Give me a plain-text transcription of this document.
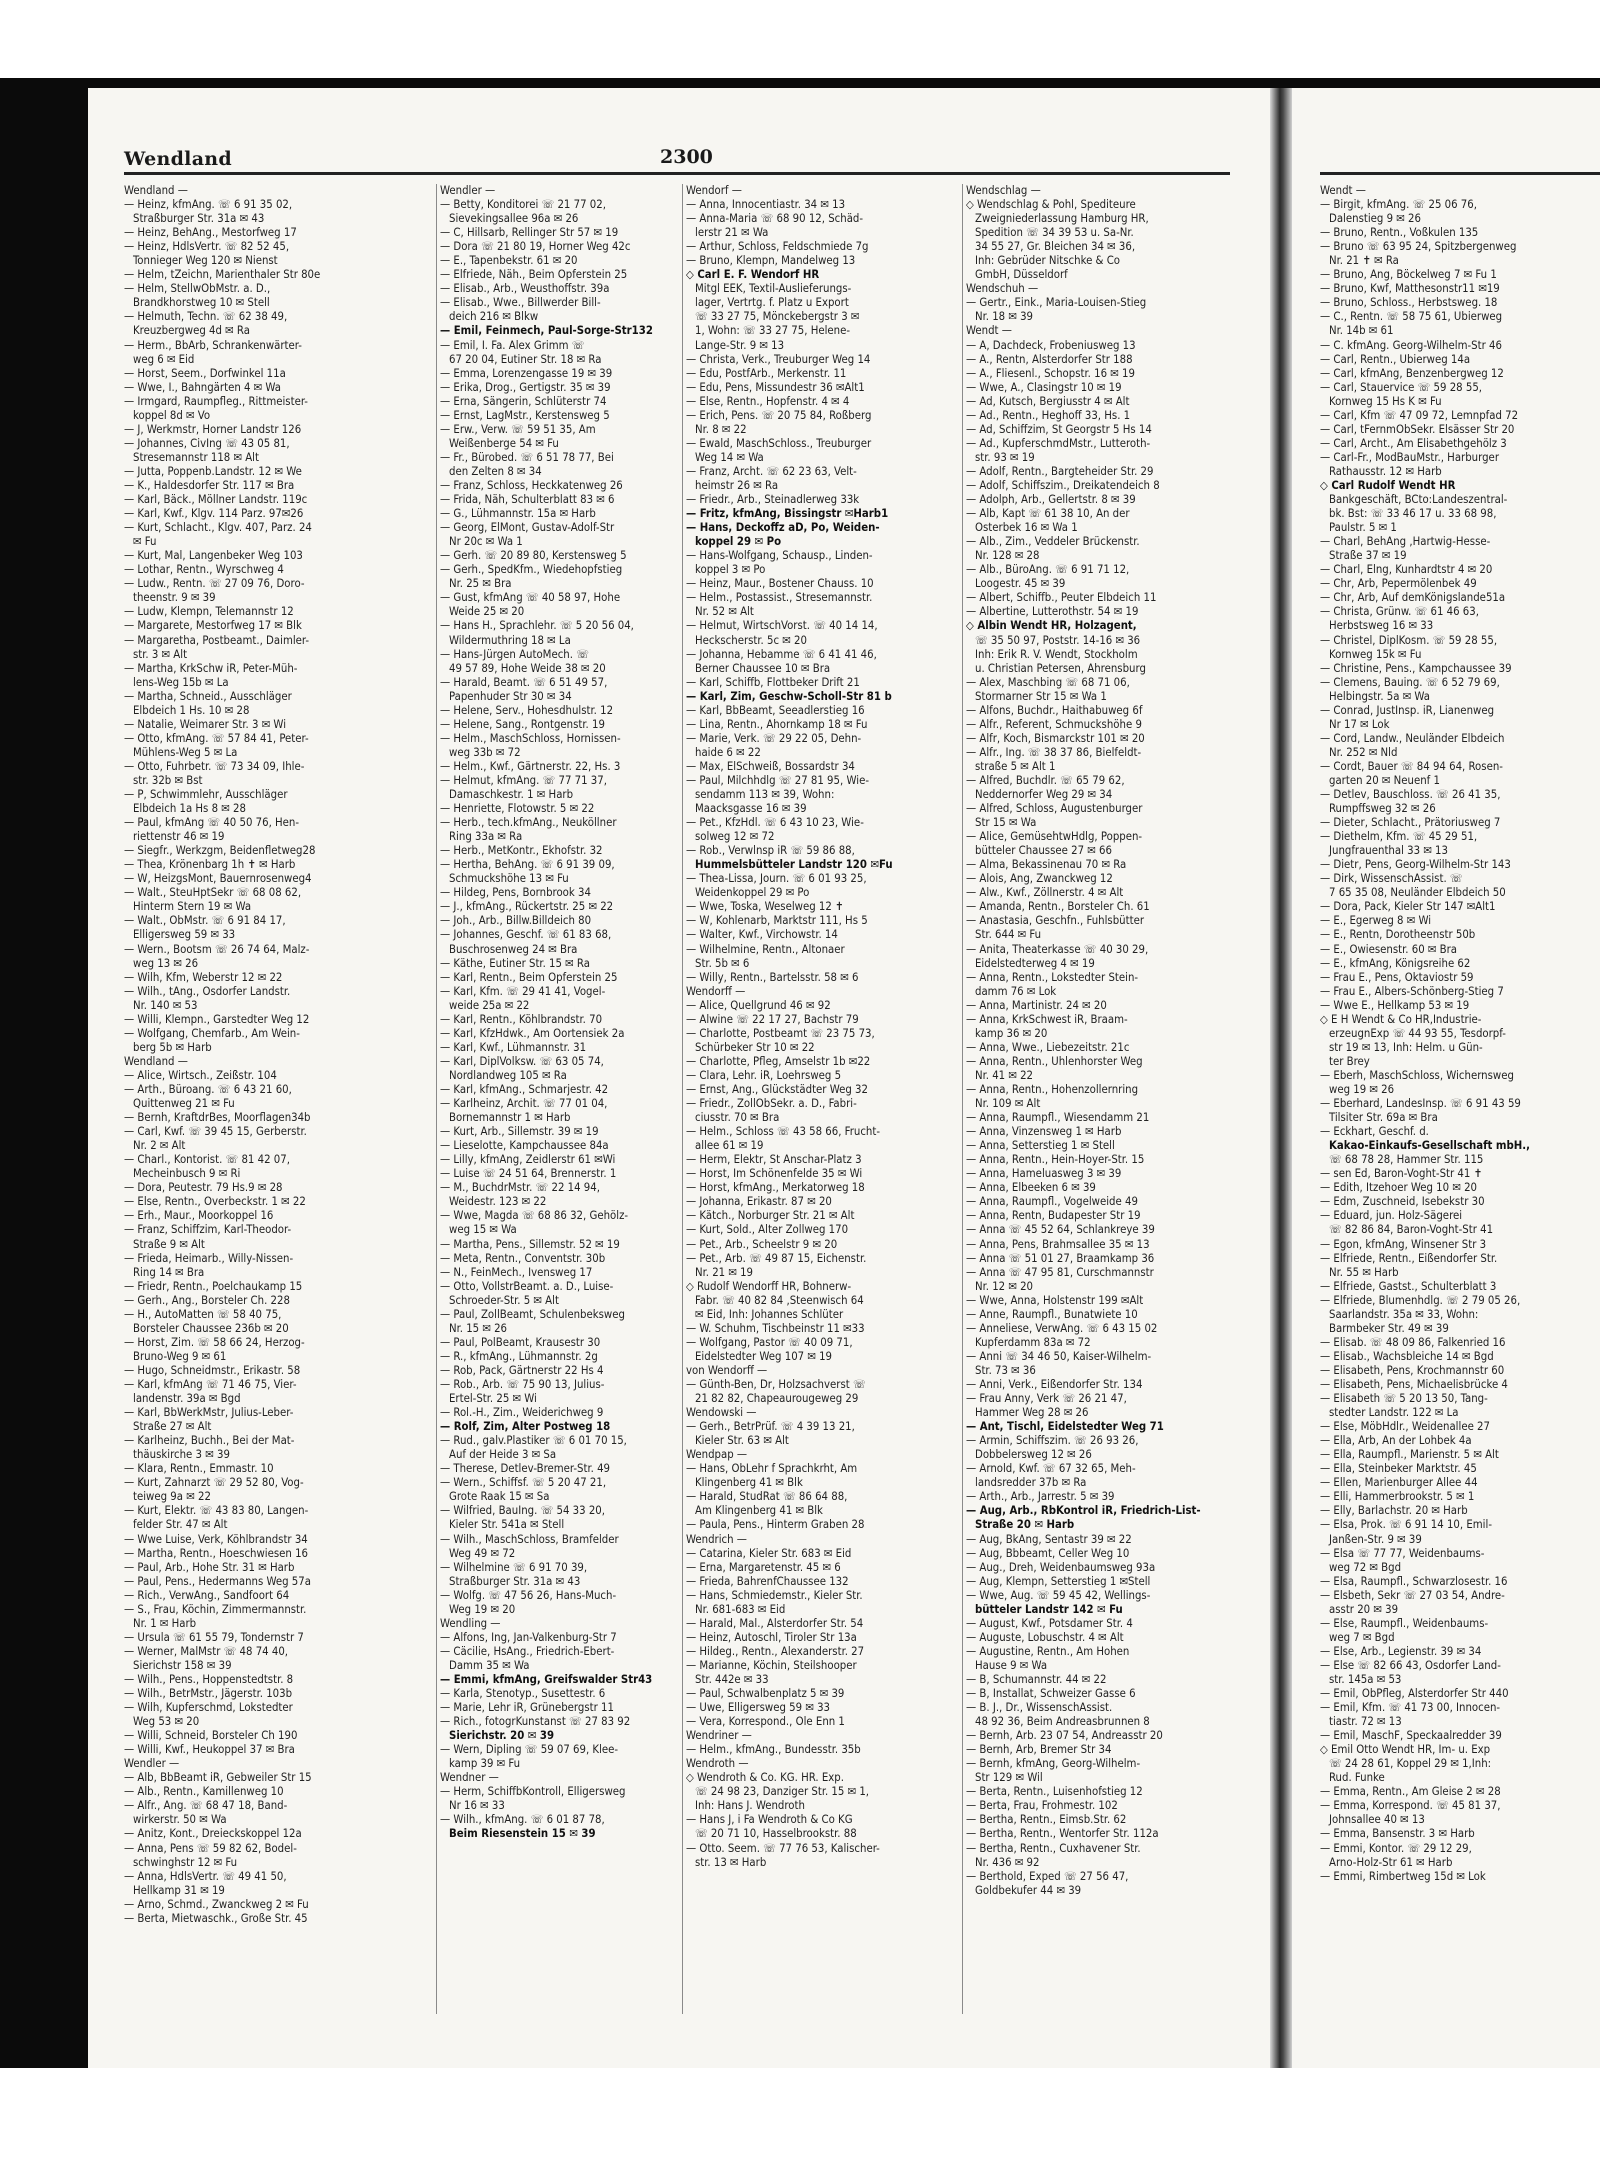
Wendland	2300
Wendland —
— Heinz, kfmAng. ☏ 6 91 35 02,
Straßburger Str. 31a ✉ 43
— Heinz, BehAng., Mestorfweg 17
— Heinz, HdlsVertr. ☏ 82 52 45,
Tonnieger Weg 120 ✉ Nienst
— Helm, tZeichn, Marienthaler Str 80e
— Helm, StellwObMstr. a. D.,
Brandkhorstweg 10 ✉ Stell
— Helmuth, Techn. ☏ 62 38 49,
Kreuzbergweg 4d ✉ Ra
— Herm., BbArb, Schrankenwärter-
weg 6 ✉ Eid
— Horst, Seem., Dorfwinkel 11a
— Wwe, I., Bahngärten 4 ✉ Wa
— Irmgard, Raumpfleg., Rittmeister-
koppel 8d ✉ Vo
— J, Werkmstr, Horner Landstr 126
— Johannes, CivIng ☏ 43 05 81,
Stresemannstr 118 ✉ Alt
— Jutta, Poppenb.Landstr. 12 ✉ We
— K., Haldesdorfer Str. 117 ✉ Bra
— Karl, Bäck., Möllner Landstr. 119c
— Karl, Kwf., Klgv. 114 Parz. 97✉26
— Kurt, Schlacht., Klgv. 407, Parz. 24
✉ Fu
— Kurt, Mal, Langenbeker Weg 103
— Lothar, Rentn., Wyrschweg 4
— Ludw., Rentn. ☏ 27 09 76, Doro-
theenstr. 9 ✉ 39
— Ludw, Klempn, Telemannstr 12
— Margarete, Mestorfweg 17 ✉ Blk
— Margaretha, Postbeamt., Daimler-
str. 3 ✉ Alt
— Martha, KrkSchw iR, Peter-Müh-
lens-Weg 15b ✉ La
— Martha, Schneid., Ausschläger
Elbdeich 1 Hs. 10 ✉ 28
— Natalie, Weimarer Str. 3 ✉ Wi
— Otto, kfmAng. ☏ 57 84 41, Peter-
Mühlens-Weg 5 ✉ La
— Otto, Fuhrbetr. ☏ 73 34 09, Ihle-
str. 32b ✉ Bst
— P, Schwimmlehr, Ausschläger
Elbdeich 1a Hs 8 ✉ 28
— Paul, kfmAng ☏ 40 50 76, Hen-
riettenstr 46 ✉ 19
— Siegfr., Werkzgm, Beidenfletweg28
— Thea, Krönenbarg 1h ✝ ✉ Harb
— W, HeizgsMont, Bauernrosenweg4
— Walt., SteuHptSekr ☏ 68 08 62,
Hinterm Stern 19 ✉ Wa
— Walt., ObMstr. ☏ 6 91 84 17,
Elligersweg 59 ✉ 33
— Wern., Bootsm ☏ 26 74 64, Malz-
weg 13 ✉ 26
— Wilh, Kfm, Weberstr 12 ✉ 22
— Wilh., tAng., Osdorfer Landstr.
Nr. 140 ✉ 53
— Willi, Klempn., Garstedter Weg 12
— Wolfgang, Chemfarb., Am Wein-
berg 5b ✉ Harb
Wendland —
— Alice, Wirtsch., Zeißstr. 104
— Arth., Büroang. ☏ 6 43 21 60,
Quittenweg 21 ✉ Fu
— Bernh, KraftdrBes, Moorflagen34b
— Carl, Kwf. ☏ 39 45 15, Gerberstr.
Nr. 2 ✉ Alt
— Charl., Kontorist. ☏ 81 42 07,
Mecheinbusch 9 ✉ Ri
— Dora, Peutestr. 79 Hs.9 ✉ 28
— Else, Rentn., Overbeckstr. 1 ✉ 22
— Erh., Maur., Moorkoppel 16
— Franz, Schiffzim, Karl-Theodor-
Straße 9 ✉ Alt
— Frieda, Heimarb., Willy-Nissen-
Ring 14 ✉ Bra
— Friedr, Rentn., Poelchaukamp 15
— Gerh., Ang., Borsteler Ch. 228
— H., AutoMatten ☏ 58 40 75,
Borsteler Chaussee 236b ✉ 20
— Horst, Zim. ☏ 58 66 24, Herzog-
Bruno-Weg 9 ✉ 61
— Hugo, Schneidmstr., Erikastr. 58
— Karl, kfmAng ☏ 71 46 75, Vier-
landenstr. 39a ✉ Bgd
— Karl, BbWerkMstr, Julius-Leber-
Straße 27 ✉ Alt
— Karlheinz, Buchh., Bei der Mat-
thäuskirche 3 ✉ 39
— Klara, Rentn., Emmastr. 10
— Kurt, Zahnarzt ☏ 29 52 80, Vog-
teiweg 9a ✉ 22
— Kurt, Elektr. ☏ 43 83 80, Langen-
felder Str. 47 ✉ Alt
— Wwe Luise, Verk, Köhlbrandstr 34
— Martha, Rentn., Hoeschwiesen 16
— Paul, Arb., Hohe Str. 31 ✉ Harb
— Paul, Pens., Hedermanns Weg 57a
— Rich., VerwAng., Sandfoort 64
— S., Frau, Köchin, Zimmermannstr.
Nr. 1 ✉ Harb
— Ursula ☏ 61 55 79, Tondernstr 7
— Werner, MalMstr ☏ 48 74 40,
Sierichstr 158 ✉ 39
— Wilh., Pens., Hoppenstedtstr. 8
— Wilh., BetrMstr., Jägerstr. 103b
— Wilh, Kupferschmd, Lokstedter
Weg 53 ✉ 20
— Willi, Schneid, Borsteler Ch 190
— Willi, Kwf., Heukoppel 37 ✉ Bra
Wendler —
— Alb, BbBeamt iR, Gebweiler Str 15
— Alb., Rentn., Kamillenweg 10
— Alfr., Ang. ☏ 68 47 18, Band-
wirkerstr. 50 ✉ Wa
— Anitz, Kont., Dreieckskoppel 12a
— Anna, Pens ☏ 59 82 62, Bodel-
schwinghstr 12 ✉ Fu
— Anna, HdlsVertr. ☏ 49 41 50,
Hellkamp 31 ✉ 19
— Arno, Schmd., Zwanckweg 2 ✉ Fu
— Berta, Mietwaschk., Große Str. 45
Wendler —
— Betty, Konditorei ☏ 21 77 02,
Sievekingsallee 96a ✉ 26
— C, Hillsarb, Rellinger Str 57 ✉ 19
— Dora ☏ 21 80 19, Horner Weg 42c
— E., Tapenbekstr. 61 ✉ 20
— Elfriede, Näh., Beim Opferstein 25
— Elisab., Arb., Weusthoffstr. 39a
— Elisab., Wwe., Billwerder Bill-
deich 216 ✉ Blkw
— Emil, Feinmech, Paul-Sorge-Str132
— Emil, I. Fa. Alex Grimm ☏
67 20 04, Eutiner Str. 18 ✉ Ra
— Emma, Lorenzengasse 19 ✉ 39
— Erika, Drog., Gertigstr. 35 ✉ 39
— Erna, Sängerin, Schlüterstr 74
— Ernst, LagMstr., Kerstensweg 5
— Erw., Verw. ☏ 59 51 35, Am
Weißenberge 54 ✉ Fu
— Fr., Bürobed. ☏ 6 51 78 77, Bei
den Zelten 8 ✉ 34
— Franz, Schloss, Heckkatenweg 26
— Frida, Näh, Schulterblatt 83 ✉ 6
— G., Lühmannstr. 15a ✉ Harb
— Georg, ElMont, Gustav-Adolf-Str
Nr 20c ✉ Wa 1
— Gerh. ☏ 20 89 80, Kerstensweg 5
— Gerh., SpedKfm., Wiedehopfstieg
Nr. 25 ✉ Bra
— Gust, kfmAng ☏ 40 58 97, Hohe
Weide 25 ✉ 20
— Hans H., Sprachlehr. ☏ 5 20 56 04,
Wildermuthring 18 ✉ La
— Hans-Jürgen AutoMech. ☏
49 57 89, Hohe Weide 38 ✉ 20
— Harald, Beamt. ☏ 6 51 49 57,
Papenhuder Str 30 ✉ 34
— Helene, Serv., Hohesdhulstr. 12
— Helene, Sang., Rontgenstr. 19
— Helm., MaschSchloss, Hornissen-
weg 33b ✉ 72
— Helm., Kwf., Gärtnerstr. 22, Hs. 3
— Helmut, kfmAng. ☏ 77 71 37,
Damaschkestr. 1 ✉ Harb
— Henriette, Flotowstr. 5 ✉ 22
— Herb., tech.kfmAng., Neuköllner
Ring 33a ✉ Ra
— Herb., MetKontr., Ekhofstr. 32
— Hertha, BehAng. ☏ 6 91 39 09,
Schmuckshöhe 13 ✉ Fu
— Hildeg, Pens, Bornbrook 34
— J., kfmAng., Rückertstr. 25 ✉ 22
— Joh., Arb., Billw.Billdeich 80
— Johannes, Geschf. ☏ 61 83 68,
Buschrosenweg 24 ✉ Bra
— Käthe, Eutiner Str. 15 ✉ Ra
— Karl, Rentn., Beim Opferstein 25
— Karl, Kfm. ☏ 29 41 41, Vogel-
weide 25a ✉ 22
— Karl, Rentn., Köhlbrandstr. 70
— Karl, KfzHdwk., Am Oortensiek 2a
— Karl, Kwf., Lühmannstr. 31
— Karl, DiplVolksw. ☏ 63 05 74,
Nordlandweg 105 ✉ Ra
— Karl, kfmAng., Schmarjestr. 42
— Karlheinz, Archit. ☏ 77 01 04,
Bornemannstr 1 ✉ Harb
— Kurt, Arb., Sillemstr. 39 ✉ 19
— Lieselotte, Kampchaussee 84a
— Lilly, kfmAng, Zeidlerstr 61 ✉Wi
— Luise ☏ 24 51 64, Brennerstr. 1
— M., BuchdrMstr. ☏ 22 14 94,
Weidestr. 123 ✉ 22
— Wwe, Magda ☏ 68 86 32, Gehölz-
weg 15 ✉ Wa
— Martha, Pens., Sillemstr. 52 ✉ 19
— Meta, Rentn., Conventstr. 30b
— N., FeinMech., Ivensweg 17
— Otto, VollstrBeamt. a. D., Luise-
Schroeder-Str. 5 ✉ Alt
— Paul, ZollBeamt, Schulenbeksweg
Nr. 15 ✉ 26
— Paul, PolBeamt, Krausestr 30
— R., kfmAng., Lühmannstr. 2g
— Rob, Pack, Gärtnerstr 22 Hs 4
— Rob., Arb. ☏ 75 90 13, Julius-
Ertel-Str. 25 ✉ Wi
— Rol.-H., Zim., Weiderichweg 9
— Rolf, Zim, Alter Postweg 18
— Rud., galv.Plastiker ☏ 6 01 70 15,
Auf der Heide 3 ✉ Sa
— Therese, Detlev-Bremer-Str. 49
— Wern., Schiffsf. ☏ 5 20 47 21,
Grote Raak 15 ✉ Sa
— Wilfried, BauIng. ☏ 54 33 20,
Kieler Str. 541a ✉ Stell
— Wilh., MaschSchloss, Bramfelder
Weg 49 ✉ 72
— Wilhelmine ☏ 6 91 70 39,
Straßburger Str. 31a ✉ 43
— Wolfg. ☏ 47 56 26, Hans-Much-
Weg 19 ✉ 20
Wendling —
— Alfons, Ing, Jan-Valkenburg-Str 7
— Cäcilie, HsAng., Friedrich-Ebert-
Damm 35 ✉ Wa
— Emmi, kfmAng, Greifswalder Str43
— Karla, Stenotyp., Susettestr. 6
— Marie, Lehr iR, Grünebergstr 11
— Rich., fotogrKunstanst ☏ 27 83 92
Sierichstr. 20 ✉ 39
— Wern, Dipling ☏ 59 07 69, Klee-
kamp 39 ✉ Fu
Wendner —
— Herm, SchiffbKontroll, Elligersweg
Nr 16 ✉ 33
— Wilh., kfmAng. ☏ 6 01 87 78,
Beim Riesenstein 15 ✉ 39
Wendorf —
— Anna, Innocentiastr. 34 ✉ 13
— Anna-Maria ☏ 68 90 12, Schäd-
lerstr 21 ✉ Wa
— Arthur, Schloss, Feldschmiede 7g
— Bruno, Klempn, Mandelweg 13
◇ Carl E. F. Wendorf HR
Mitgl EEK, Textil-Auslieferungs-
lager, Vertrtg. f. Platz u Export
☏ 33 27 75, Mönckebergstr 3 ✉
1, Wohn: ☏ 33 27 75, Helene-
Lange-Str. 9 ✉ 13
— Christa, Verk., Treuburger Weg 14
— Edu, PostfArb., Merkenstr. 11
— Edu, Pens, Missundestr 36 ✉Alt1
— Else, Rentn., Hopfenstr. 4 ✉ 4
— Erich, Pens. ☏ 20 75 84, Roßberg
Nr. 8 ✉ 22
— Ewald, MaschSchloss., Treuburger
Weg 14 ✉ Wa
— Franz, Archt. ☏ 62 23 63, Velt-
heimstr 26 ✉ Ra
— Friedr., Arb., Steinadlerweg 33k
— Fritz, kfmAng, Bissingstr ✉Harb1
— Hans, Deckoffz aD, Po, Weiden-
koppel 29 ✉ Po
— Hans-Wolfgang, Schausp., Linden-
koppel 3 ✉ Po
— Heinz, Maur., Bostener Chauss. 10
— Helm., Postassist., Stresemannstr.
Nr. 52 ✉ Alt
— Helmut, WirtschVorst. ☏ 40 14 14,
Heckscherstr. 5c ✉ 20
— Johanna, Hebamme ☏ 6 41 41 46,
Berner Chaussee 10 ✉ Bra
— Karl, Schiffb, Flottbeker Drift 21
— Karl, Zim, Geschw-Scholl-Str 81 b
— Karl, BbBeamt, Seeadlerstieg 16
— Lina, Rentn., Ahornkamp 18 ✉ Fu
— Marie, Verk. ☏ 29 22 05, Dehn-
haide 6 ✉ 22
— Max, ElSchweiß, Bossardstr 34
— Paul, Milchhdlg ☏ 27 81 95, Wie-
sendamm 113 ✉ 39, Wohn:
Maacksgasse 16 ✉ 39
— Pet., KfzHdl. ☏ 6 43 10 23, Wie-
solweg 12 ✉ 72
— Rob., Verwlnsp iR ☏ 59 86 88,
Hummelsbütteler Landstr 120 ✉Fu
— Thea-Lissa, Journ. ☏ 6 01 93 25,
Weidenkoppel 29 ✉ Po
— Wwe, Toska, Weselweg 12 ✝
— W, Kohlenarb, Marktstr 111, Hs 5
— Walter, Kwf., Virchowstr. 14
— Wilhelmine, Rentn., Altonaer
Str. 5b ✉ 6
— Willy, Rentn., Bartelsstr. 58 ✉ 6
Wendorff —
— Alice, Quellgrund 46 ✉ 92
— Alwine ☏ 22 17 27, Bachstr 79
— Charlotte, Postbeamt ☏ 23 75 73,
Schürbeker Str 10 ✉ 22
— Charlotte, Pfleg, Amselstr 1b ✉22
— Clara, Lehr. iR, Loehrsweg 5
— Ernst, Ang., Glückstädter Weg 32
— Friedr., ZollObSekr. a. D., Fabri-
ciusstr. 70 ✉ Bra
— Helm., Schloss ☏ 43 58 66, Frucht-
allee 61 ✉ 19
— Herm, Elektr, St Anschar-Platz 3
— Horst, Im Schönenfelde 35 ✉ Wi
— Horst, kfmAng., Merkatorweg 18
— Johanna, Erikastr. 87 ✉ 20
— Kätch., Norburger Str. 21 ✉ Alt
— Kurt, Sold., Alter Zollweg 170
— Pet., Arb., Scheelstr 9 ✉ 20
— Pet., Arb. ☏ 49 87 15, Eichenstr.
Nr. 21 ✉ 19
◇ Rudolf Wendorff HR, Bohnerw-
Fabr. ☏ 40 82 84 ,Steenwisch 64
✉ Eid, Inh: Johannes Schlüter
— W. Schuhm, Tischbeinstr 11 ✉33
— Wolfgang, Pastor ☏ 40 09 71,
Eidelstedter Weg 107 ✉ 19
von Wendorff —
— Günth-Ben, Dr, Holzsachverst ☏
21 82 82, Chapeaurougeweg 29
Wendowski —
— Gerh., BetrPrüf. ☏ 4 39 13 21,
Kieler Str. 63 ✉ Alt
Wendpap —
— Hans, ObLehr f Sprachkrht, Am
Klingenberg 41 ✉ Blk
— Harald, StudRat ☏ 86 64 88,
Am Klingenberg 41 ✉ Blk
— Paula, Pens., Hinterm Graben 28
Wendrich —
— Catarina, Kieler Str. 683 ✉ Eid
— Erna, Margaretenstr. 45 ✉ 6
— Frieda, BahrenfChaussee 132
— Hans, Schmiedemstr., Kieler Str.
Nr. 681-683 ✉ Eid
— Harald, Mal., Alsterdorfer Str. 54
— Heinz, Autoschl, Tiroler Str 13a
— Hildeg., Rentn., Alexanderstr. 27
— Marianne, Köchin, Steilshooper
Str. 442e ✉ 33
— Paul, Schwalbenplatz 5 ✉ 39
— Uwe, Elligersweg 59 ✉ 33
— Vera, Korrespond., Ole Enn 1
Wendriner —
— Helm., kfmAng., Bundesstr. 35b
Wendroth —
◇ Wendroth & Co. KG. HR. Exp.
☏ 24 98 23, Danziger Str. 15 ✉ 1,
Inh: Hans J. Wendroth
— Hans J, i Fa Wendroth & Co KG
☏ 20 71 10, Hasselbrookstr. 88
— Otto. Seem. ☏ 77 76 53, Kalischer-
str. 13 ✉ Harb
Wendschlag —
◇ Wendschlag & Pohl, Spediteure
Zweigniederlassung Hamburg HR,
Spedition ☏ 34 39 53 u. Sa-Nr.
34 55 27, Gr. Bleichen 34 ✉ 36,
Inh: Gebrüder Nitschke & Co
GmbH, Düsseldorf
Wendschuh —
— Gertr., Eink., Maria-Louisen-Stieg
Nr. 18 ✉ 39
Wendt —
— A, Dachdeck, Frobeniusweg 13
— A., Rentn, Alsterdorfer Str 188
— A., Fliesenl., Schopstr. 16 ✉ 19
— Wwe, A., Clasingstr 10 ✉ 19
— Ad, Kutsch, Bergiusstr 4 ✉ Alt
— Ad., Rentn., Heghoff 33, Hs. 1
— Ad, Schiffzim, St Georgstr 5 Hs 14
— Ad., KupferschmdMstr., Lutteroth-
str. 93 ✉ 19
— Adolf, Rentn., Bargteheider Str. 29
— Adolf, Schiffszim., Dreikatendeich 8
— Adolph, Arb., Gellertstr. 8 ✉ 39
— Alb, Kapt ☏ 61 38 10, An der
Osterbek 16 ✉ Wa 1
— Alb., Zim., Veddeler Brückenstr.
Nr. 128 ✉ 28
— Alb., BüroAng. ☏ 6 91 71 12,
Loogestr. 45 ✉ 39
— Albert, Schiffb., Peuter Elbdeich 11
— Albertine, Lutterothstr. 54 ✉ 19
◇ Albin Wendt HR, Holzagent,
☏ 35 50 97, Poststr. 14-16 ✉ 36
Inh: Erik R. V. Wendt, Stockholm
u. Christian Petersen, Ahrensburg
— Alex, Maschbing ☏ 68 71 06,
Stormarner Str 15 ✉ Wa 1
— Alfons, Buchdr., Haithabuweg 6f
— Alfr., Referent, Schmuckshöhe 9
— Alfr, Koch, Bismarckstr 101 ✉ 20
— Alfr., Ing. ☏ 38 37 86, Bielfeldt-
straße 5 ✉ Alt 1
— Alfred, Buchdlr. ☏ 65 79 62,
Neddernorfer Weg 29 ✉ 34
— Alfred, Schloss, Augustenburger
Str 15 ✉ Wa
— Alice, GemüsehtwHdlg, Poppen-
bütteler Chaussee 27 ✉ 66
— Alma, Bekassinenau 70 ✉ Ra
— Alois, Ang, Zwanckweg 12
— Alw., Kwf., Zöllnerstr. 4 ✉ Alt
— Amanda, Rentn., Borsteler Ch. 61
— Anastasia, Geschfn., Fuhlsbütter
Str. 644 ✉ Fu
— Anita, Theaterkasse ☏ 40 30 29,
Eidelstedterweg 4 ✉ 19
— Anna, Rentn., Lokstedter Stein-
damm 76 ✉ Lok
— Anna, Martinistr. 24 ✉ 20
— Anna, KrkSchwest iR, Braam-
kamp 36 ✉ 20
— Anna, Wwe., Liebezeitstr. 21c
— Anna, Rentn., Uhlenhorster Weg
Nr. 41 ✉ 22
— Anna, Rentn., Hohenzollernring
Nr. 109 ✉ Alt
— Anna, Raumpfl., Wiesendamm 21
— Anna, Vinzensweg 1 ✉ Harb
— Anna, Setterstieg 1 ✉ Stell
— Anna, Rentn., Hein-Hoyer-Str. 15
— Anna, Hameluasweg 3 ✉ 39
— Anna, Elbeeken 6 ✉ 39
— Anna, Raumpfl., Vogelweide 49
— Anna, Rentn, Budapester Str 19
— Anna ☏ 45 52 64, Schlankreye 39
— Anna, Pens, Brahmsallee 35 ✉ 13
— Anna ☏ 51 01 27, Braamkamp 36
— Anna ☏ 47 95 81, Curschmannstr
Nr. 12 ✉ 20
— Wwe, Anna, Holstenstr 199 ✉Alt
— Anne, Raumpfl., Bunatwiete 10
— Anneliese, VerwAng. ☏ 6 43 15 02
Kupferdamm 83a ✉ 72
— Anni ☏ 34 46 50, Kaiser-Wilhelm-
Str. 73 ✉ 36
— Anni, Verk., Eißendorfer Str. 134
— Frau Anny, Verk ☏ 26 21 47,
Hammer Weg 28 ✉ 26
— Ant, Tischl, Eidelstedter Weg 71
— Armin, Schiffszim. ☏ 26 93 26,
Dobbelersweg 12 ✉ 26
— Arnold, Kwf. ☏ 67 32 65, Meh-
landsredder 37b ✉ Ra
— Arth., Arb., Jarrestr. 5 ✉ 39
— Aug, Arb., RbKontrol iR, Friedrich-List-
Straße 20 ✉ Harb
— Aug, BkAng, Sentastr 39 ✉ 22
— Aug, Bbbeamt, Celler Weg 10
— Aug., Dreh, Weidenbaumsweg 93a
— Aug, Klempn, Setterstieg 1 ✉Stell
— Wwe, Aug. ☏ 59 45 42, Wellings-
bütteler Landstr 142 ✉ Fu
— August, Kwf., Potsdamer Str. 4
— Auguste, Lobuschstr. 4 ✉ Alt
— Augustine, Rentn., Am Hohen
Hause 9 ✉ Wa
— B, Schumannstr. 44 ✉ 22
— B, Installat, Schweizer Gasse 6
— B. J., Dr., WissenschAssist.
48 92 36, Beim Andreasbrunnen 8
— Bernh, Arb. 23 07 54, Andreasstr 20
— Bernh, Arb, Bremer Str 34
— Bernh, kfmAng, Georg-Wilhelm-
Str 129 ✉ Wil
— Berta, Rentn., Luisenhofstieg 12
— Berta, Frau, Frohmestr. 102
— Bertha, Rentn., Eimsb.Str. 62
— Bertha, Rentn., Wentorfer Str. 112a
— Bertha, Rentn., Cuxhavener Str.
Nr. 436 ✉ 92
— Berthold, Exped ☏ 27 56 47,
Goldbekufer 44 ✉ 39
Wendt —
— Birgit, kfmAng. ☏ 25 06 76,
Dalenstieg 9 ✉ 26
— Bruno, Rentn., Voßkulen 135
— Bruno ☏ 63 95 24, Spitzbergenweg
Nr. 21 ✝ ✉ Ra
— Bruno, Ang, Böckelweg 7 ✉ Fu 1
— Bruno, Kwf, Matthesonstr11 ✉19
— Bruno, Schloss., Herbstsweg. 18
— C., Rentn. ☏ 58 75 61, Ubierweg
Nr. 14b ✉ 61
— C. kfmAng. Georg-Wilhelm-Str 46
— Carl, Rentn., Ubierweg 14a
— Carl, kfmAng, Benzenbergweg 12
— Carl, Stauervice ☏ 59 28 55,
Kornweg 15 Hs K ✉ Fu
— Carl, Kfm ☏ 47 09 72, Lemnpfad 72
— Carl, tFernmObSekr. Elsässer Str 20
— Carl, Archt., Am Elisabethgehölz 3
— Carl-Fr., ModBauMstr., Harburger
Rathausstr. 12 ✉ Harb
◇ Carl Rudolf Wendt HR
Bankgeschäft, BCto:Landeszentral-
bk. Bst: ☏ 33 46 17 u. 33 68 98,
Paulstr. 5 ✉ 1
— Charl, BehAng ,Hartwig-Hesse-
Straße 37 ✉ 19
— Charl, Elng, Kunhardtstr 4 ✉ 20
— Chr, Arb, Pepermölenbek 49
— Chr, Arb, Auf demKönigslande51a
— Christa, Grünw. ☏ 61 46 63,
Herbstsweg 16 ✉ 33
— Christel, DiplKosm. ☏ 59 28 55,
Kornweg 15k ✉ Fu
— Christine, Pens., Kampchaussee 39
— Clemens, Bauing. ☏ 6 52 79 69,
Helbingstr. 5a ✉ Wa
— Conrad, JustInsp. iR, Lianenweg
Nr 17 ✉ Lok
— Cord, Landw., Neuländer Elbdeich
Nr. 252 ✉ Nld
— Cordt, Bauer ☏ 84 94 64, Rosen-
garten 20 ✉ Neuenf 1
— Detlev, Bauschloss. ☏ 26 41 35,
Rumpffsweg 32 ✉ 26
— Dieter, Schlacht., Prätoriusweg 7
— Diethelm, Kfm. ☏ 45 29 51,
Jungfrauenthal 33 ✉ 13
— Dietr, Pens, Georg-Wilhelm-Str 143
— Dirk, WissenschAssist. ☏
7 65 35 08, Neuländer Elbdeich 50
— Dora, Pack, Kieler Str 147 ✉Alt1
— E., Egerweg 8 ✉ Wi
— E., Rentn, Dorotheenstr 50b
— E., Owiesenstr. 60 ✉ Bra
— E., kfmAng, Königsreihe 62
— Frau E., Pens, Oktaviostr 59
— Frau E., Albers-Schönberg-Stieg 7
— Wwe E., Hellkamp 53 ✉ 19
◇ E H Wendt & Co HR,Industrie-
erzeugnExp ☏ 44 93 55, Tesdorpf-
str 19 ✉ 13, Inh: Helm. u Gün-
ter Brey
— Eberh, MaschSchloss, Wichernsweg
weg 19 ✉ 26
— Eberhard, LandesInsp. ☏ 6 91 43 59
Tilsiter Str. 69a ✉ Bra
— Eckhart, Geschf. d.
Kakao-Einkaufs-Gesellschaft mbH.,
☏ 68 78 28, Hammer Str. 115
— sen Ed, Baron-Voght-Str 41 ✝
— Edith, Itzehoer Weg 10 ✉ 20
— Edm, Zuschneid, Isebekstr 30
— Eduard, jun. Holz-Sägerei
☏ 82 86 84, Baron-Voght-Str 41
— Egon, kfmAng, Winsener Str 3
— Elfriede, Rentn., Eißendorfer Str.
Nr. 55 ✉ Harb
— Elfriede, Gastst., Schulterblatt 3
— Elfriede, Blumenhdlg. ☏ 2 79 05 26,
Saarlandstr. 35a ✉ 33, Wohn:
Barmbeker Str. 49 ✉ 39
— Elisab. ☏ 48 09 86, Falkenried 16
— Elisab., Wachsbleiche 14 ✉ Bgd
— Elisabeth, Pens, Krochmannstr 60
— Elisabeth, Pens, Michaelisbrücke 4
— Elisabeth ☏ 5 20 13 50, Tang-
stedter Landstr. 122 ✉ La
— Else, MöbHdlr., Weidenallee 27
— Ella, Arb, An der Lohbek 4a
— Ella, Raumpfl., Marienstr. 5 ✉ Alt
— Ella, Steinbeker Marktstr. 45
— Ellen, Marienburger Allee 44
— Elli, Hammerbrookstr. 5 ✉ 1
— Elly, Barlachstr. 20 ✉ Harb
— Elsa, Prok. ☏ 6 91 14 10, Emil-
Janßen-Str. 9 ✉ 39
— Elsa ☏ 77 77, Weidenbaums-
weg 72 ✉ Bgd
— Elsa, Raumpfl., Schwarzlosestr. 16
— Elsbeth, Sekr ☏ 27 03 54, Andre-
asstr 20 ✉ 39
— Else, Raumpfl., Weidenbaums-
weg 7 ✉ Bgd
— Else, Arb., Legienstr. 39 ✉ 34
— Else ☏ 82 66 43, Osdorfer Land-
str. 145a ✉ 53
— Emil, ObPfleg, Alsterdorfer Str 440
— Emil, Kfm. ☏ 41 73 00, Innocen-
tiastr. 72 ✉ 13
— Emil, MaschF, Speckaalredder 39
◇ Emil Otto Wendt HR, Im- u. Exp
☏ 24 28 61, Koppel 29 ✉ 1,Inh:
Rud. Funke
— Emma, Rentn., Am Gleise 2 ✉ 28
— Emma, Korrespond. ☏ 45 81 37,
Johnsallee 40 ✉ 13
— Emma, Bansenstr. 3 ✉ Harb
— Emmi, Kontor. ☏ 29 12 29,
Arno-Holz-Str 61 ✉ Harb
— Emmi, Rimbertweg 15d ✉ Lok
